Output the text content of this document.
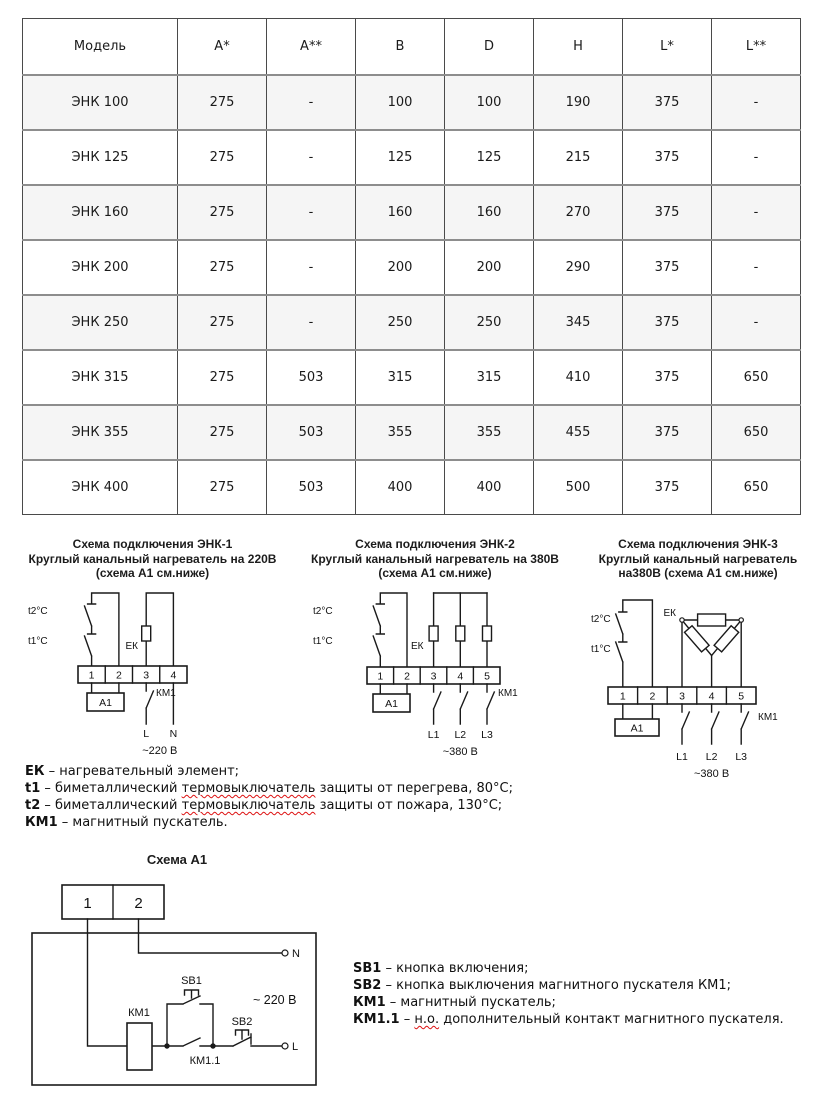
Модель	A*	A**	B	D	H	L*	L**
ЭНК 100	275	-	100	100	190	375	-
ЭНК 125	275	-	125	125	215	375	-
ЭНК 160	275	-	160	160	270	375	-
ЭНК 200	275	-	200	200	290	375	-
ЭНК 250	275	-	250	250	345	375	-
ЭНК 315	275	503	315	315	410	375	650
ЭНК 355	275	503	355	355	455	375	650
ЭНК 400	275	503	400	400	500	375	650
Схема подключения ЭНК-1
Круглый канальный нагреватель на 220В
(схема А1 см.ниже)
Схема подключения ЭНК-2
Круглый канальный нагреватель на 380В
(схема А1 см.ниже)
Схема подключения ЭНК-3
Круглый канальный нагреватель
на380В (схема А1 см.ниже)
1 2 3 4
А1
t2°C
t1°C	ЕК
КМ1
L N
~220 В
1 2 3 4 5
А1
t2°C
t1°C	ЕК
КМ1
L1 L2 L3
~380 В
1 2 3 4 5
А1
t2°C
t1°C
ЕК
КМ1
L1 L2 L3
~380 В
ЕК – нагревательный элемент;
t1 – биметаллический термовыключатель защиты от перегрева, 80°С;
t2 – биметаллический термовыключатель защиты от пожара, 130°С;
КМ1 – магнитный пускатель.
Схема А1
1	2
N
L
SB1
SB2
КМ1
КМ1.1
~ 220 В
SB1 – кнопка включения;
SB2 – кнопка выключения магнитного пускателя КМ1;
КМ1 – магнитный пускатель;
КМ1.1 – н.о. дополнительный контакт магнитного пускателя.
